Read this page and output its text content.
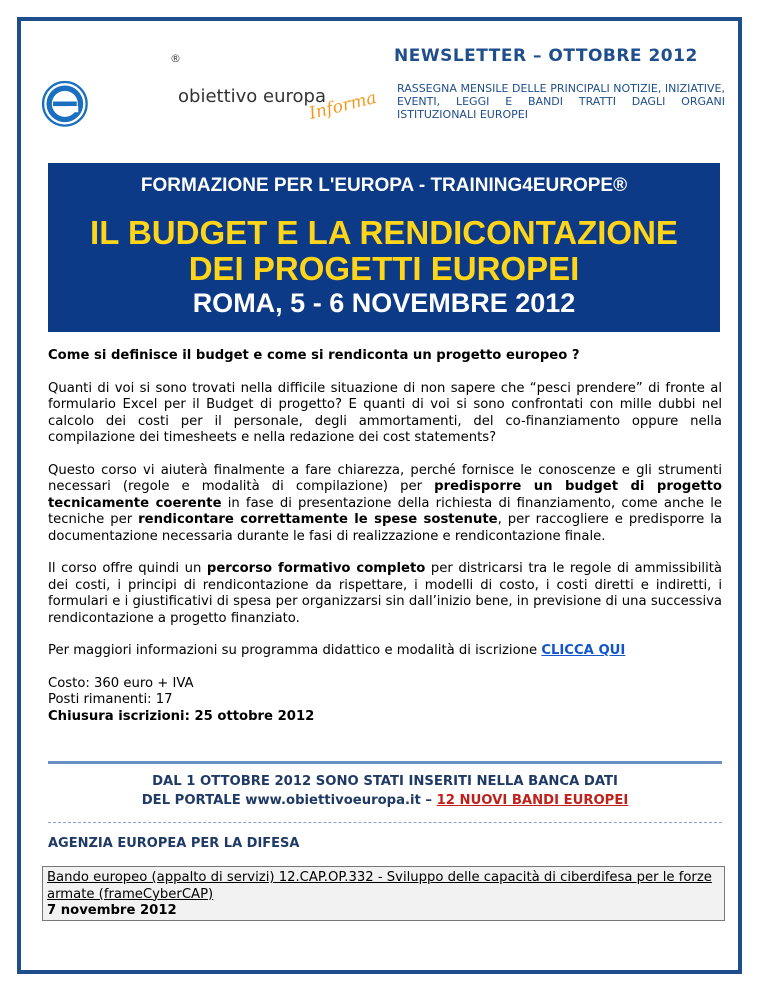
®
obiettivo europa
Informa
NEWSLETTER – OTTOBRE 2012
RASSEGNA MENSILE DELLE PRINCIPALI NOTIZIE, INIZIATIVE, EVENTI, LEGGI E BANDI TRATTI DAGLI ORGANI ISTITUZIONALI EUROPEI
FORMAZIONE PER L'EUROPA - TRAINING4EUROPE®
IL BUDGET E LA RENDICONTAZIONE
DEI PROGETTI EUROPEI
ROMA, 5 - 6 NOVEMBRE 2012

Come si definisce il budget e come si rendiconta un progetto europeo ?

Quanti di voi si sono trovati nella difficile situazione di non sapere che “pesci prendere” di fronte al formulario Excel per il Budget di progetto? E quanti di voi si sono confrontati con mille dubbi nel calcolo dei costi per il personale, degli ammortamenti, del co-finanziamento oppure nella compilazione dei timesheets e nella redazione dei cost statements?

Questo corso vi aiuterà finalmente a fare chiarezza, perché fornisce le conoscenze e gli strumenti necessari (regole e modalità di compilazione) per predisporre un budget di progetto tecnicamente coerente in fase di presentazione della richiesta di finanziamento, come anche le tecniche per rendicontare correttamente le spese sostenute, per raccogliere e predisporre la documentazione necessaria durante le fasi di realizzazione e rendicontazione finale.

Il corso offre quindi un percorso formativo completo per districarsi tra le regole di ammissibilità dei costi, i principi di rendicontazione da rispettare, i modelli di costo, i costi diretti e indiretti, i formulari e i giustificativi di spesa per organizzarsi sin dall’inizio bene, in previsione di una successiva rendicontazione a progetto finanziato.

Per maggiori informazioni su programma didattico e modalità di iscrizione CLICCA QUI

Costo: 360 euro + IVA
Posti rimanenti: 17
Chiusura iscrizioni: 25 ottobre 2012
DAL 1 OTTOBRE 2012 SONO STATI INSERITI NELLA BANCA DATI
DEL PORTALE www.obiettivoeuropa.it – 12 NUOVI BANDI EUROPEI
AGENZIA EUROPEA PER LA DIFESA
Bando europeo (appalto di servizi) 12.CAP.OP.332 - Sviluppo delle capacità di ciberdifesa per le forze armate (frameCyberCAP)
7 novembre 2012
